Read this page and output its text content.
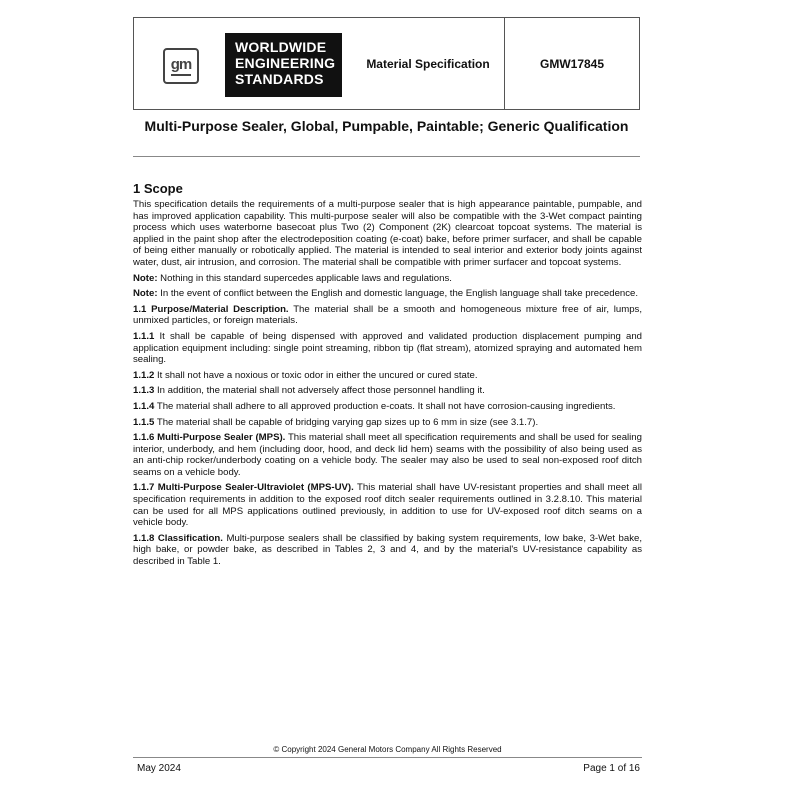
gm
WORLDWIDE
ENGINEERING
STANDARDS
Material Specification	GMW17845
Multi-Purpose Sealer, Global, Pumpable, Paintable; Generic Qualification
1 Scope

This specification details the requirements of a multi-purpose sealer that is high appearance paintable, pumpable, and has improved application capability. This multi-purpose sealer will also be compatible with the 3-Wet compact painting process which uses waterborne basecoat plus Two (2) Component (2K) clearcoat topcoat systems. The material is applied in the paint shop after the electrodeposition coating (e-coat) bake, before primer surfacer, and shall be capable of being either manually or robotically applied. The material is intended to seal interior and exterior body joints against water, dust, air intrusion, and corrosion. The material shall be compatible with primer surfacer and topcoat systems.

Note: Nothing in this standard supercedes applicable laws and regulations.

Note: In the event of conflict between the English and domestic language, the English language shall take precedence.

1.1 Purpose/Material Description. The material shall be a smooth and homogeneous mixture free of air, lumps, unmixed particles, or foreign materials.

1.1.1 It shall be capable of being dispensed with approved and validated production displacement pumping and application equipment including: single point streaming, ribbon tip (flat stream), atomized spraying and automated hem sealing.

1.1.2 It shall not have a noxious or toxic odor in either the uncured or cured state.

1.1.3 In addition, the material shall not adversely affect those personnel handling it.

1.1.4 The material shall adhere to all approved production e-coats. It shall not have corrosion-causing ingredients.

1.1.5 The material shall be capable of bridging varying gap sizes up to 6 mm in size (see 3.1.7).

1.1.6 Multi-Purpose Sealer (MPS). This material shall meet all specification requirements and shall be used for sealing interior, underbody, and hem (including door, hood, and deck lid hem) seams with the possibility of also being used as an anti-chip rocker/underbody coating on a vehicle body. The sealer may also be used to seal non-exposed roof ditch seams on a vehicle body.

1.1.7 Multi-Purpose Sealer-Ultraviolet (MPS-UV). This material shall have UV-resistant properties and shall meet all specification requirements in addition to the exposed roof ditch sealer requirements outlined in 3.2.8.10. This material can be used for all MPS applications outlined previously, in addition to use for UV-exposed roof ditch seams on a vehicle body.

1.1.8 Classification. Multi-purpose sealers shall be classified by baking system requirements, low bake, 3-Wet bake, high bake, or powder bake, as described in Tables 2, 3 and 4, and by the material's UV-resistance capability as described in Table 1.

© Copyright 2024 General Motors Company All Rights Reserved
May 2024	Page 1 of 16
